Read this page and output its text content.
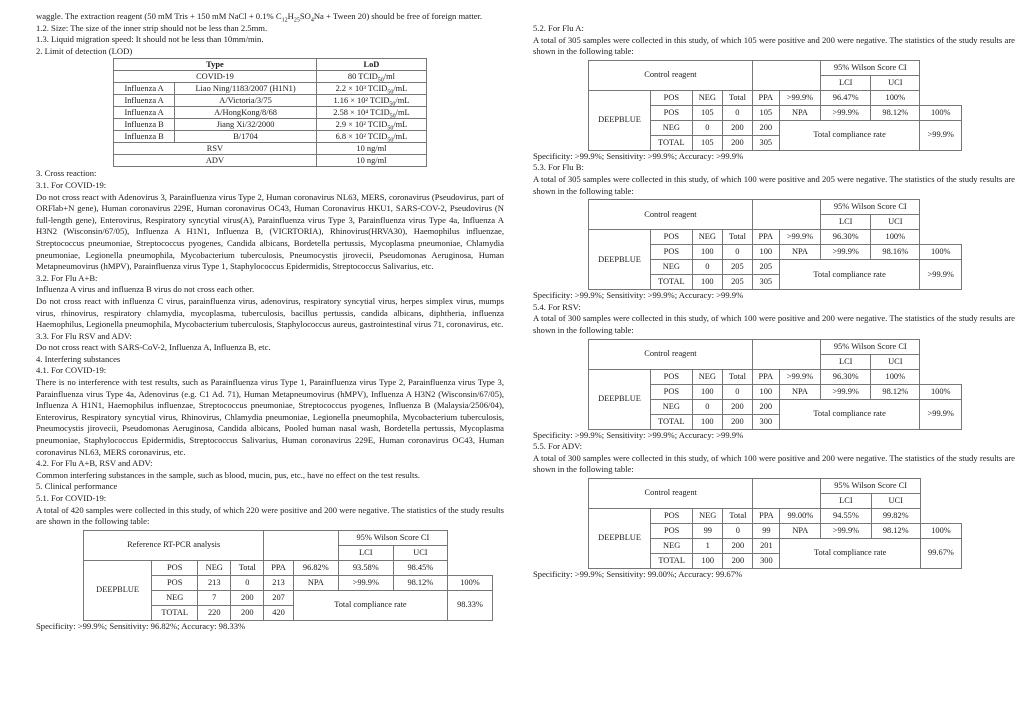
waggle. The extraction reagent (50 mM Tris + 150 mM NaCl + 0.1% $C_{12}H_{25}SO_4Na$ + Tween 20) should be free of foreign matter.

1.2. Size: The size of the inner strip should not be less than 2.5mm.

1.3. Liquid migration speed: It should not be less than 10mm/min.

2. Limit of detection (LOD)

Type		LoD
COVID-19		80 $TCID_{50}/ml$
Influenza A	Liao Ning/1183/2007 (H1N1)	2.2 × 10³ $TCID_{50}/mL$
Influenza A	A/Victoria/3/75	1.16 × 10² $TCID_{50}/mL$
Influenza A	A/HongKong/8/68	2.58 × 10⁴ $TCID_{50}/mL$
Influenza B	Jiang Xi/32/2000	2.9 × 10² $TCID_{50}/mL$
Influenza B	B/1704	6.8 × 10² $TCID_{50}/mL$
RSV		10 ng/ml
ADV		10 ng/ml

3. Cross reaction:

3.1. For COVID-19:

Do not cross react with Adenovirus 3, Parainfluenza virus Type 2, Human coronavirus NL63, MERS, coronavirus (Pseudovirus, part of ORFlab+N gene), Human coronavirus 229E, Human coronavirus OC43, Human Coronavirus HKU1, SARS-COV-2, Pseudovirus (N full-length gene), Enterovirus, Respiratory syncytial virus(A), Parainfluenza virus Type 3, Parainfluenza virus Type 4a, Influenza A H3N2 (Wisconsin/67/05), Influenza A H1N1, Influenza B, (VICRTORIA), Rhinovirus(HRVA30), Haemophilus influenzae, Streptococcus pneumoniae, Streptococcus pyogenes, Candida albicans, Bordetella pertussis, Mycoplasma pneumoniae, Chlamydia pneumoniae, Legionella pneumophila, Mycobacterium tuberculosis, Pneumocystis jirovecii, Pseudomonas Aeruginosa, Human Metapneumovirus (hMPV), Parainfluenza virus Type 1, Staphylococcus Epidermidis, Streptococcus Salivarius, etc.

3.2. For Flu A+B:

Influenza A virus and influenza B virus do not cross each other.

Do not cross react with influenza C virus, parainfluenza virus, adenovirus, respiratory syncytial virus, herpes simplex virus, mumps virus, rhinovirus, respiratory chlamydia, mycoplasma, tuberculosis, bacillus pertussis, candida albicans, diphtheria, influenza Haemophilus, Legionella pneumophila, Mycobacterium tuberculosis, Staphylococcus aureus, gastrointestinal virus 71, coronavirus, etc.

3.3. For Flu RSV and ADV:

Do not cross react with SARS-CoV-2, Influenza A, Influenza B, etc.

4. Interfering substances

4.1. For COVID-19:

There is no interference with test results, such as Parainfluenza virus Type 1, Parainfluenza virus Type 2, Parainfluenza virus Type 3, Parainfluenza virus Type 4a, Adenovirus (e.g. C1 Ad. 71), Human Metapneumovirus (hMPV), Influenza A H3N2 (Wisconsin/67/05), Influenza A H1N1, Haemophilus influenzae, Streptococcus pneumoniae, Streptococcus pyogenes, Influenza B (Malaysia/2506/04), Enterovirus, Respiratory syncytial virus, Rhinovirus, Chlamydia pneumoniae, Legionella pneumophila, Mycobacterium tuberculosis, Pneumocystis jirovecii, Pseudomonas Aeruginosa, Candida albicans, Pooled human nasal wash, Bordetella pertussis, Mycoplasma pneumoniae, Staphylococcus Epidermidis, Streptococcus Salivarius, Human coronavirus 229E, Human coronavirus OC43, Human coronavirus NL63, MERS coronavirus, etc.

4.2. For Flu A+B, RSV and ADV:

Common interfering substances in the sample, such as blood, mucin, pus, etc., have no effect on the test results.

5. Clinical performance

5.1. For COVID-19:

A total of 420 samples were collected in this study, of which 220 were positive and 200 were negative. The statistics of the study results are shown in the following table:

Reference RT-PCR analysis						95% Wilson Score CI		
						LCI	UCI	
DEEPBLUE	POS	NEG	Total	PPA	96.82%	93.58%	98.45%	
	POS	213	0	213	NPA	>99.9%	98.12%	100%
	NEG	7	200	207	Total compliance rate			98.33%
	TOTAL	220	200	420				

Specificity: >99.9%; Sensitivity: 96.82%; Accuracy: 98.33%

5.2. For Flu A:

A total of 305 samples were collected in this study, of which 105 were positive and 200 were negative. The statistics of the study results are shown in the following table:

Control reagent						95% Wilson Score CI		
						LCI	UCI	
DEEPBLUE	POS	NEG	Total	PPA	>99.9%	96.47%	100%	
	POS	105	0	105	NPA	>99.9%	98.12%	100%
	NEG	0	200	200	Total compliance rate			>99.9%
	TOTAL	105	200	305				

Specificity: >99.9%; Sensitivity: >99.9%; Accuracy: >99.9%

5.3. For Flu B:

A total of 305 samples were collected in this study, of which 100 were positive and 205 were negative. The statistics of the study results are shown in the following table:

Control reagent						95% Wilson Score CI		
						LCI	UCI	
DEEPBLUE	POS	NEG	Total	PPA	>99.9%	96.30%	100%	
	POS	100	0	100	NPA	>99.9%	98.16%	100%
	NEG	0	205	205	Total compliance rate			>99.9%
	TOTAL	100	205	305				

Specificity: >99.9%; Sensitivity: >99.9%; Accuracy: >99.9%

5.4. For RSV:

A total of 300 samples were collected in this study, of which 100 were positive and 200 were negative. The statistics of the study results are shown in the following table:

Control reagent						95% Wilson Score CI		
						LCI	UCI	
DEEPBLUE	POS	NEG	Total	PPA	>99.9%	96.30%	100%	
	POS	100	0	100	NPA	>99.9%	98.12%	100%
	NEG	0	200	200	Total compliance rate			>99.9%
	TOTAL	100	200	300				

Specificity: >99.9%; Sensitivity: >99.9%; Accuracy: >99.9%

5.5. For ADV:

A total of 300 samples were collected in this study, of which 100 were positive and 200 were negative. The statistics of the study results are shown in the following table:

Control reagent						95% Wilson Score CI		
						LCI	UCI	
DEEPBLUE	POS	NEG	Total	PPA	99.00%	94.55%	99.82%	
	POS	99	0	99	NPA	>99.9%	98.12%	100%
	NEG	1	200	201	Total compliance rate			99.67%
	TOTAL	100	200	300				

Specificity: >99.9%; Sensitivity: 99.00%; Accuracy: 99.67%
